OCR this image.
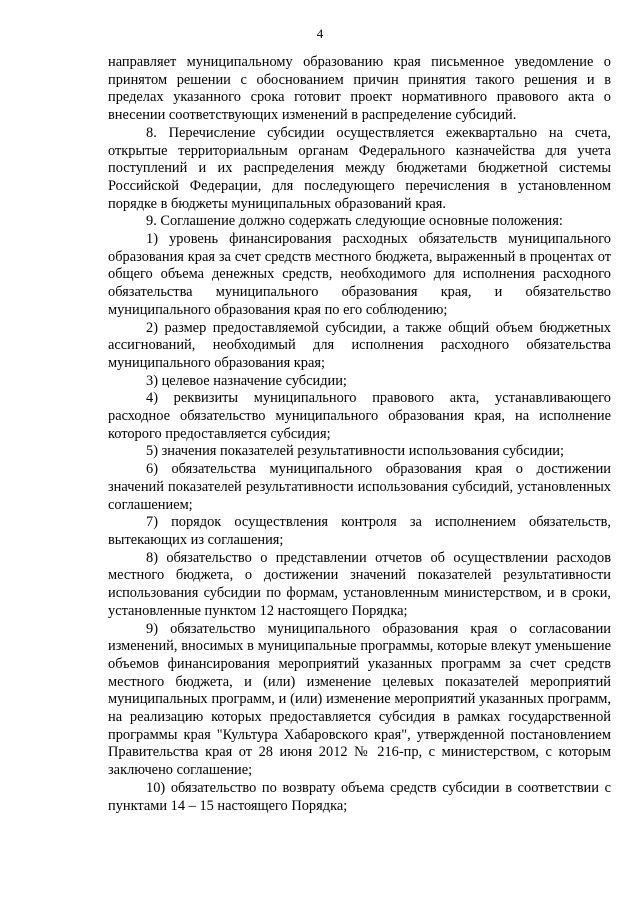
4

направляет муниципальному образованию края письменное уведомление о принятом решении с обоснованием причин принятия такого решения и в пределах указанного срока готовит проект нормативного правового акта о внесении соответствующих изменений в распределение субсидий.

8. Перечисление субсидии осуществляется ежеквартально на счета, открытые территориальным органам Федерального казначейства для учета поступлений и их распределения между бюджетами бюджетной системы Российской Федерации, для последующего перечисления в установленном порядке в бюджеты муниципальных образований края.

9. Соглашение должно содержать следующие основные положения:

1) уровень финансирования расходных обязательств муниципального образования края за счет средств местного бюджета, выраженный в процентах от общего объема денежных средств, необходимого для исполнения расходного обязательства муниципального образования края, и обязательство муниципального образования края по его соблюдению;

2) размер предоставляемой субсидии, а также общий объем бюджетных ассигнований, необходимый для исполнения расходного обязательства муниципального образования края;

3) целевое назначение субсидии;

4) реквизиты муниципального правового акта, устанавливающего расходное обязательство муниципального образования края, на исполнение которого предоставляется субсидия;

5) значения показателей результативности использования субсидии;

6) обязательства муниципального образования края о достижении значений показателей результативности использования субсидий, установленных соглашением;

7) порядок осуществления контроля за исполнением обязательств, вытекающих из соглашения;

8) обязательство о представлении отчетов об осуществлении расходов местного бюджета, о достижении значений показателей результативности использования субсидии по формам, установленным министерством, и в сроки, установленные пунктом 12 настоящего Порядка;

9) обязательство муниципального образования края о согласовании изменений, вносимых в муниципальные программы, которые влекут уменьшение объемов финансирования мероприятий указанных программ за счет средств местного бюджета, и (или) изменение целевых показателей мероприятий муниципальных программ, и (или) изменение мероприятий указанных программ, на реализацию которых предоставляется субсидия в рамках государственной программы края "Культура Хабаровского края", утвержденной постановлением Правительства края от 28 июня 2012 № 216-пр, с министерством, с которым заключено соглашение;

10) обязательство по возврату объема средств субсидии в соответствии с пунктами 14 – 15 настоящего Порядка;
